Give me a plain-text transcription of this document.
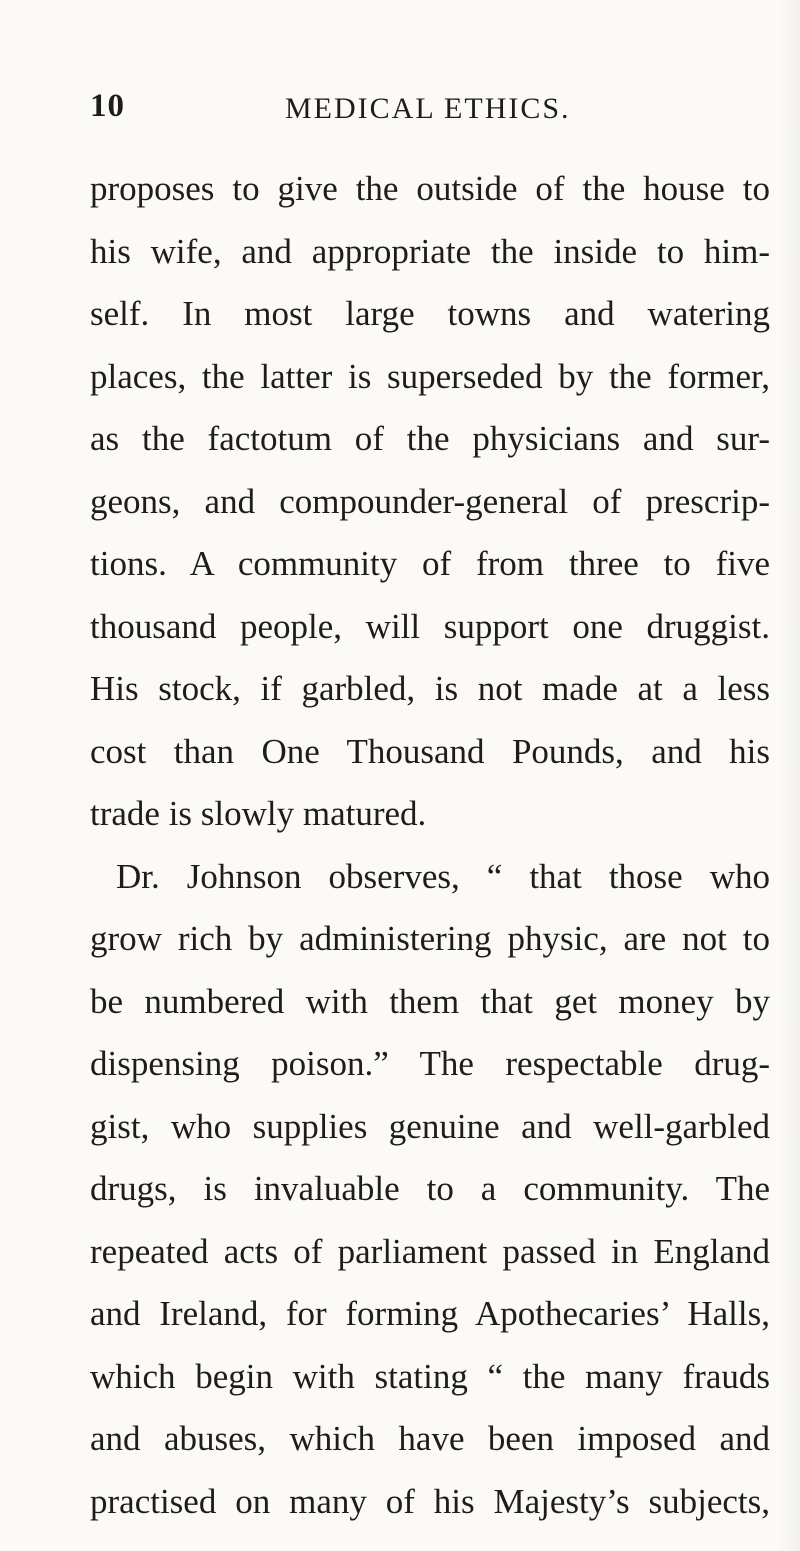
10	MEDICAL ETHICS.
proposes to give the outside of the house to
his wife, and appropriate the inside to him-
self. In most large towns and watering
places, the latter is superseded by the former,
as the factotum of the physicians and sur-
geons, and compounder-general of prescrip-
tions. A community of from three to five
thousand people, will support one druggist.
His stock, if garbled, is not made at a less
cost than One Thousand Pounds, and his
trade is slowly matured.
Dr. Johnson observes, “ that those who
grow rich by administering physic, are not to
be numbered with them that get money by
dispensing poison.” The respectable drug-
gist, who supplies genuine and well-garbled
drugs, is invaluable to a community. The
repeated acts of parliament passed in England
and Ireland, for forming Apothecaries’ Halls,
which begin with stating “ the many frauds
and abuses, which have been imposed and
practised on many of his Majesty’s subjects,
